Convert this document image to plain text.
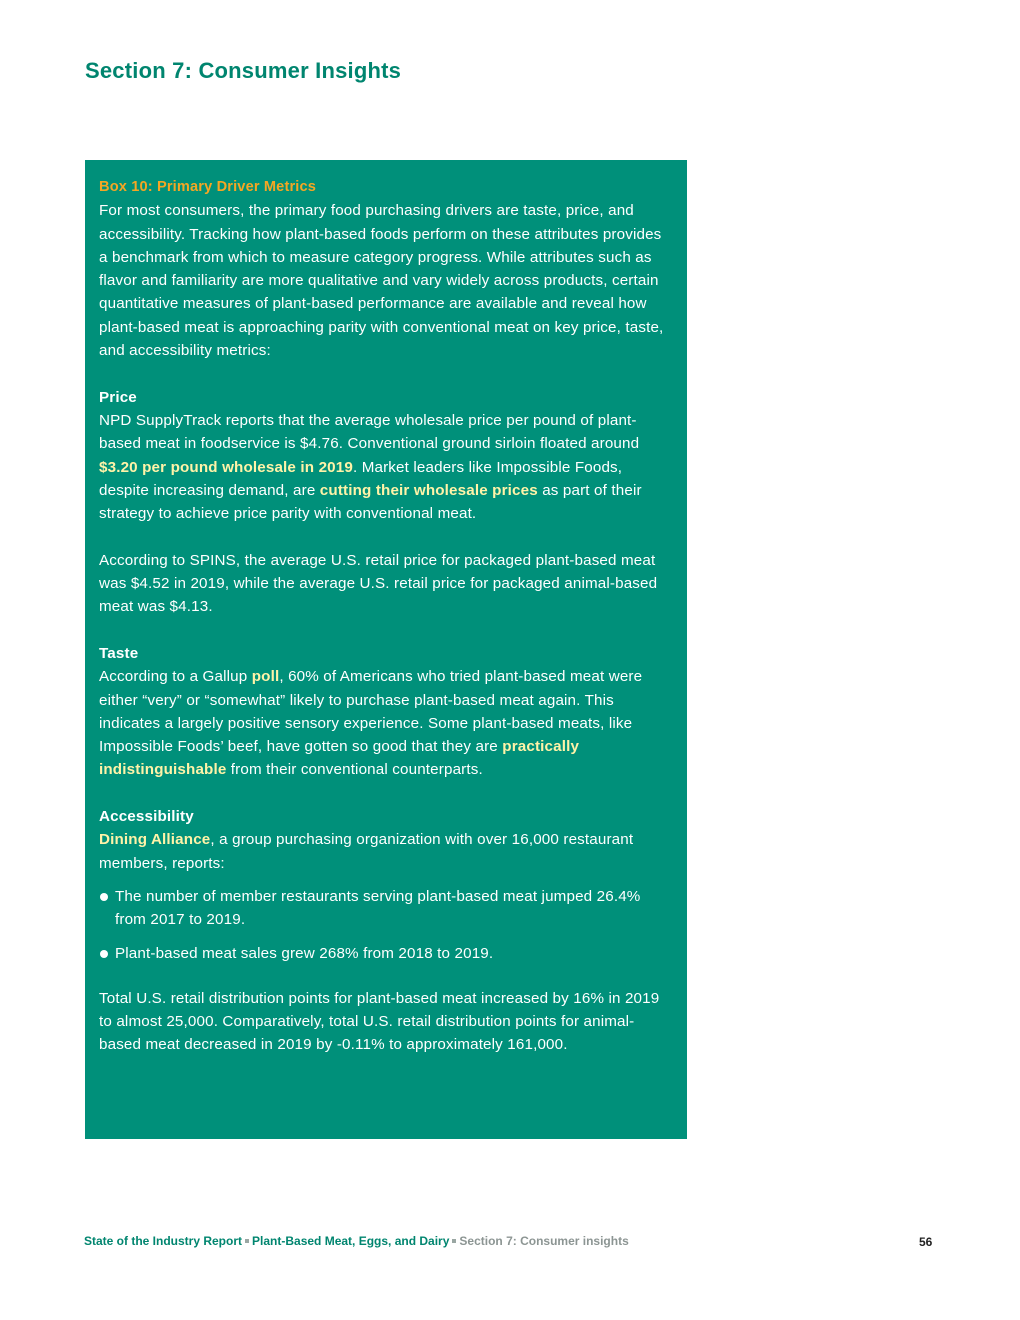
Section 7: Consumer Insights

Box 10: Primary Driver Metrics

For most consumers, the primary food purchasing drivers are taste, price, and accessibility. Tracking how plant-based foods perform on these attributes provides a benchmark from which to measure category progress. While attributes such as flavor and familiarity are more qualitative and vary widely across products, certain quantitative measures of plant-based performance are available and reveal how plant-based meat is approaching parity with conventional meat on key price, taste, and accessibility metrics:

Price

NPD SupplyTrack reports that the average wholesale price per pound of plant-based meat in foodservice is $4.76. Conventional ground sirloin floated around $3.20 per pound wholesale in 2019. Market leaders like Impossible Foods, despite increasing demand, are cutting their wholesale prices as part of their strategy to achieve price parity with conventional meat.

According to SPINS, the average U.S. retail price for packaged plant-based meat was $4.52 in 2019, while the average U.S. retail price for packaged animal-based meat was $4.13.

Taste

According to a Gallup poll, 60% of Americans who tried plant-based meat were either “very” or “somewhat” likely to purchase plant-based meat again. This indicates a largely positive sensory experience. Some plant-based meats, like Impossible Foods’ beef, have gotten so good that they are practically indistinguishable from their conventional counterparts.

Accessibility

Dining Alliance, a group purchasing organization with over 16,000 restaurant members, reports:

The number of member restaurants serving plant-based meat jumped 26.4% from 2017 to 2019.
Plant-based meat sales grew 268% from 2018 to 2019.

Total U.S. retail distribution points for plant-based meat increased by 16% in 2019 to almost 25,000. Comparatively, total U.S. retail distribution points for animal-based meat decreased in 2019 by -0.11% to approximately 161,000.

State of the Industry Report Plant-Based Meat, Eggs, and Dairy Section 7: Consumer insights	56
